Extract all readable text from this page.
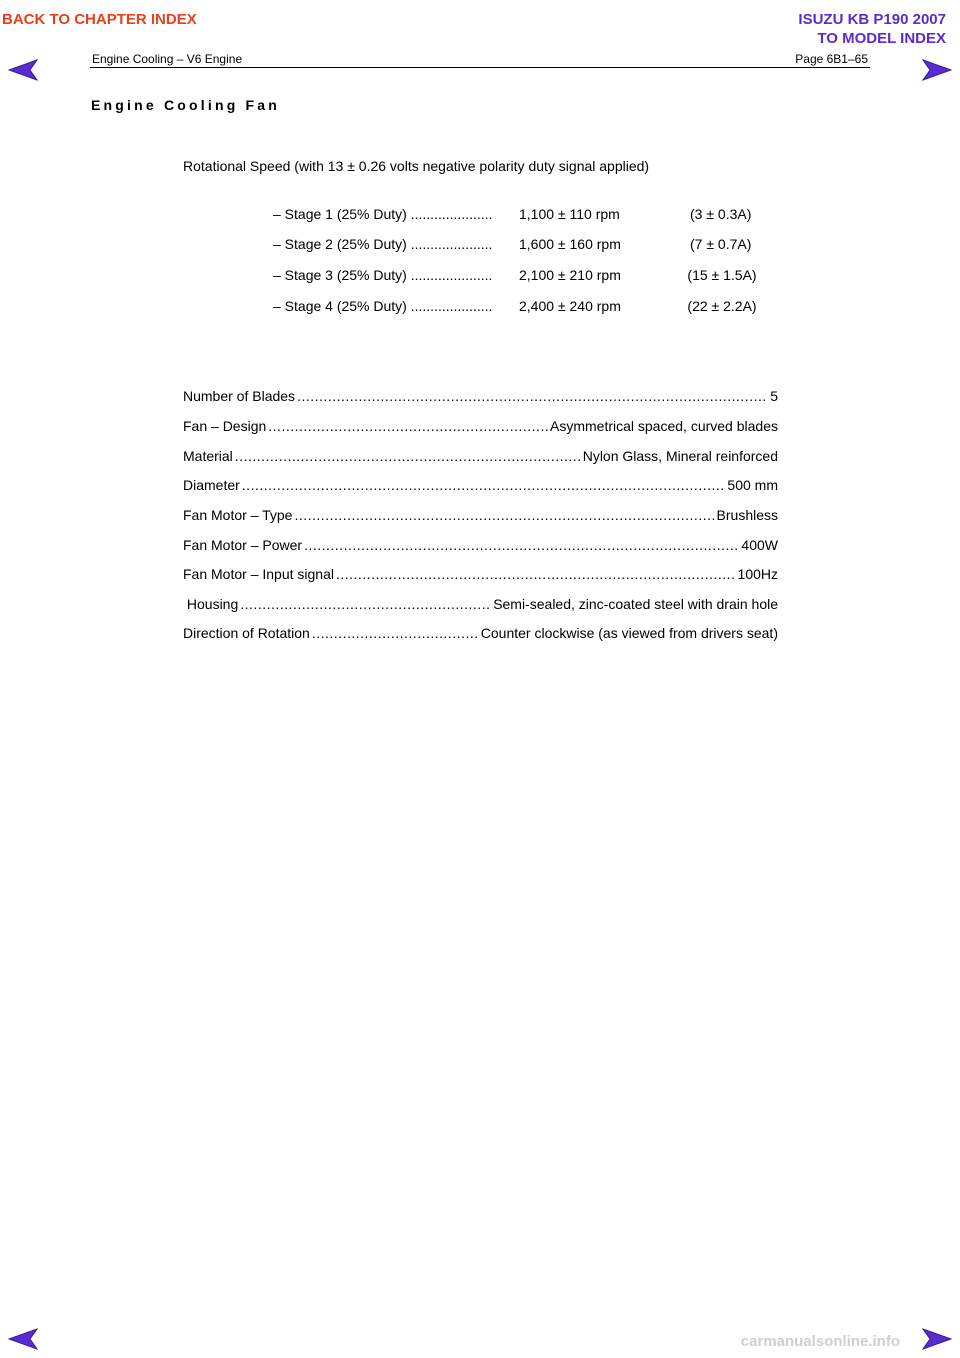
BACK TO CHAPTER INDEX	ISUZU KB P190 2007
TO MODEL INDEX
Engine Cooling – V6 Engine	Page 6B1–65
Engine Cooling Fan
Rotational Speed (with 13 ± 0.26 volts negative polarity duty signal applied)
– Stage 1 (25% Duty) ..................... 1,100 ± 110 rpm	(3 ± 0.3A)
– Stage 2 (25% Duty) ..................... 1,600 ± 160 rpm	(7 ± 0.7A)
– Stage 3 (25% Duty) ..................... 2,100 ± 210 rpm	(15 ± 1.5A)
– Stage 4 (25% Duty) ..................... 2,400 ± 240 rpm	(22 ± 2.2A)
Number of Blades .....	5
Fan – Design .....	Asymmetrical spaced, curved blades
Material .....	Nylon Glass, Mineral reinforced
Diameter .....	500 mm
Fan Motor – Type .....	Brushless
Fan Motor – Power .....	400W
Fan Motor – Input signal .....	100Hz
Housing .....	Semi-sealed, zinc-coated steel with drain hole
Direction of Rotation .....	Counter clockwise (as viewed from drivers seat)
carmanualsonline.info
